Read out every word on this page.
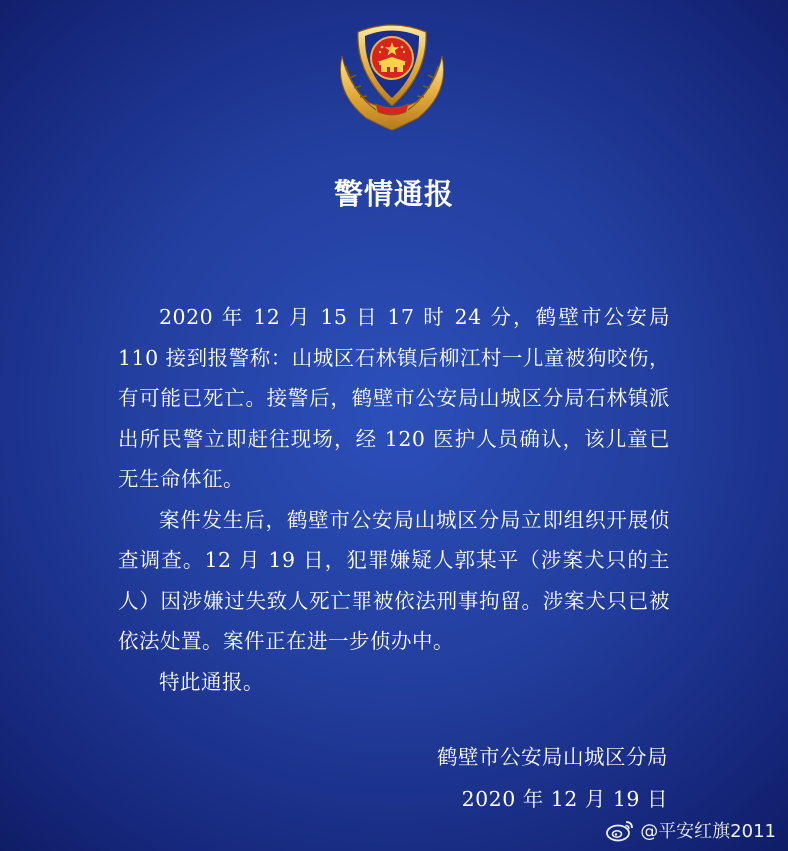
警情通报

2020 年 12 月 15 日 17 时 24 分，鹤壁市公安局 110 接到报警称：山城区石林镇后柳江村一儿童被狗咬伤，有可能已死亡。接警后，鹤壁市公安局山城区分局石林镇派出所民警立即赶往现场，经 120 医护人员确认，该儿童已无生命体征。

案件发生后，鹤壁市公安局山城区分局立即组织开展侦查调查。12 月 19 日，犯罪嫌疑人郭某平（涉案犬只的主人）因涉嫌过失致人死亡罪被依法刑事拘留。涉案犬只已被依法处置。案件正在进一步侦办中。

特此通报。

鹤壁市公安局山城区分局
2020 年 12 月 19 日
@平安红旗2011
